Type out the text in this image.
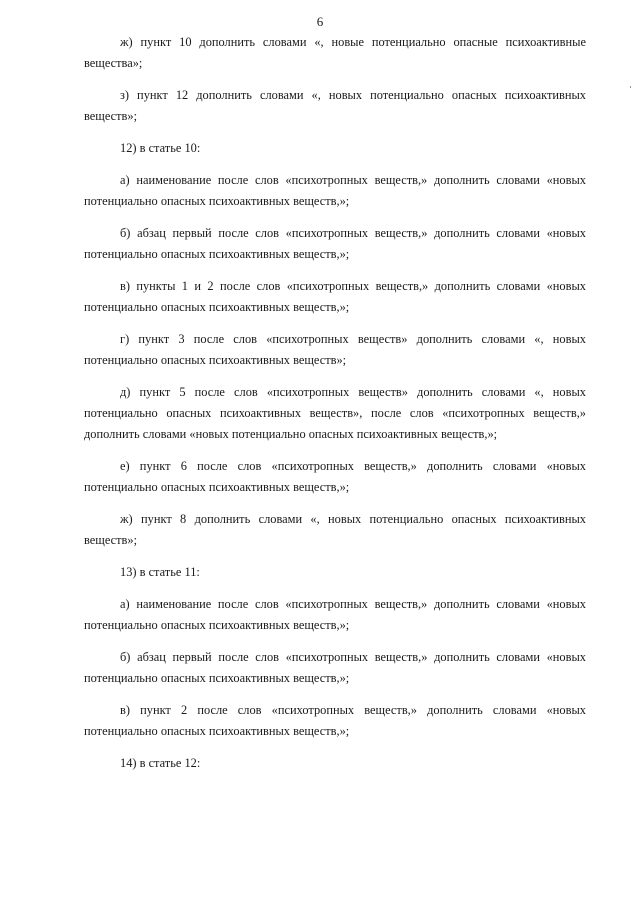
6

ж) пункт 10 дополнить словами «, новые потенциально опасные психоактивные вещества»;

з) пункт 12 дополнить словами «, новых потенциально опасных психоактивных веществ»;

12) в статье 10:

а) наименование после слов «психотропных веществ,» дополнить словами «новых потенциально опасных психоактивных веществ,»;

б) абзац первый после слов «психотропных веществ,» дополнить словами «новых потенциально опасных психоактивных веществ,»;

в) пункты 1 и 2 после слов «психотропных веществ,» дополнить словами «новых потенциально опасных психоактивных веществ,»;

г) пункт 3 после слов «психотропных веществ» дополнить словами «, новых потенциально опасных психоактивных веществ»;

д) пункт 5 после слов «психотропных веществ» дополнить словами «, новых потенциально опасных психоактивных веществ», после слов «психотропных веществ,» дополнить словами «новых потенциально опасных психоактивных веществ,»;

е) пункт 6 после слов «психотропных веществ,» дополнить словами «новых потенциально опасных психоактивных веществ,»;

ж) пункт 8 дополнить словами «, новых потенциально опасных психоактивных веществ»;

13) в статье 11:

а) наименование после слов «психотропных веществ,» дополнить словами «новых потенциально опасных психоактивных веществ,»;

б) абзац первый после слов «психотропных веществ,» дополнить словами «новых потенциально опасных психоактивных веществ,»;

в) пункт 2 после слов «психотропных веществ,» дополнить словами «новых потенциально опасных психоактивных веществ,»;

14) в статье 12:
